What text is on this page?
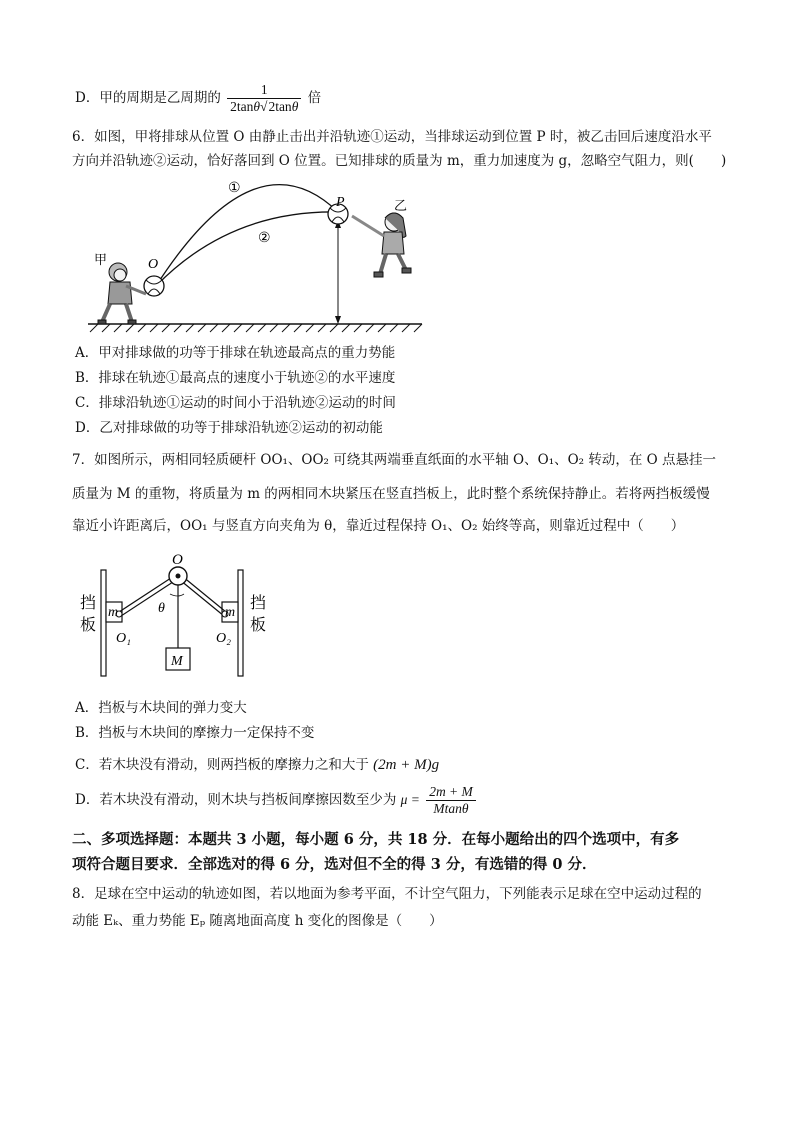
D．甲的周期是乙周期的 $\frac{1}{2\tan\theta√2\tan\theta}$ 倍
6．如图，甲将排球从位置 O 由静止击出并沿轨迹①运动，当排球运动到位置 P 时，被乙击回后速度沿水平
方向并沿轨迹②运动，恰好落回到 O 位置。已知排球的质量为 m，重力加速度为 g，忽略空气阻力，则(　　)
①
②
P
O
甲
乙
A．甲对排球做的功等于排球在轨迹最高点的重力势能
B．排球在轨迹①最高点的速度小于轨迹②的水平速度
C．排球沿轨迹①运动的时间小于沿轨迹②运动的时间
D．乙对排球做的功等于排球沿轨迹②运动的初动能
7．如图所示，两相同轻质硬杆 OO₁、OO₂ 可绕其两端垂直纸面的水平轴 O、O₁、O₂ 转动，在 O 点悬挂一
质量为 M 的重物，将质量为 m 的两相同木块紧压在竖直挡板上，此时整个系统保持静止。若将两挡板缓慢
靠近小许距离后，OO₁ 与竖直方向夹角为 θ，靠近过程保持 O₁、O₂ 始终等高，则靠近过程中（　　）
O
θ
m	m
O₁	O₂
M
挡
板
挡
板
A．挡板与木块间的弹力变大
B．挡板与木块间的摩擦力一定保持不变
C．若木块没有滑动，则两挡板的摩擦力之和大于 (2m + M)g
D．若木块没有滑动，则木块与挡板间摩擦因数至少为 $\mu = \frac{2m + M}{Mtan\theta}$
二、多项选择题：本题共 3 小题，每小题 6 分，共 18 分．在每小题给出的四个选项中，有多
项符合题目要求．全部选对的得 6 分，选对但不全的得 3 分，有选错的得 0 分．
8．足球在空中运动的轨迹如图，若以地面为参考平面，不计空气阻力，下列能表示足球在空中运动过程的
动能 Eₖ、重力势能 Eₚ 随离地面高度 h 变化的图像是（　　）
